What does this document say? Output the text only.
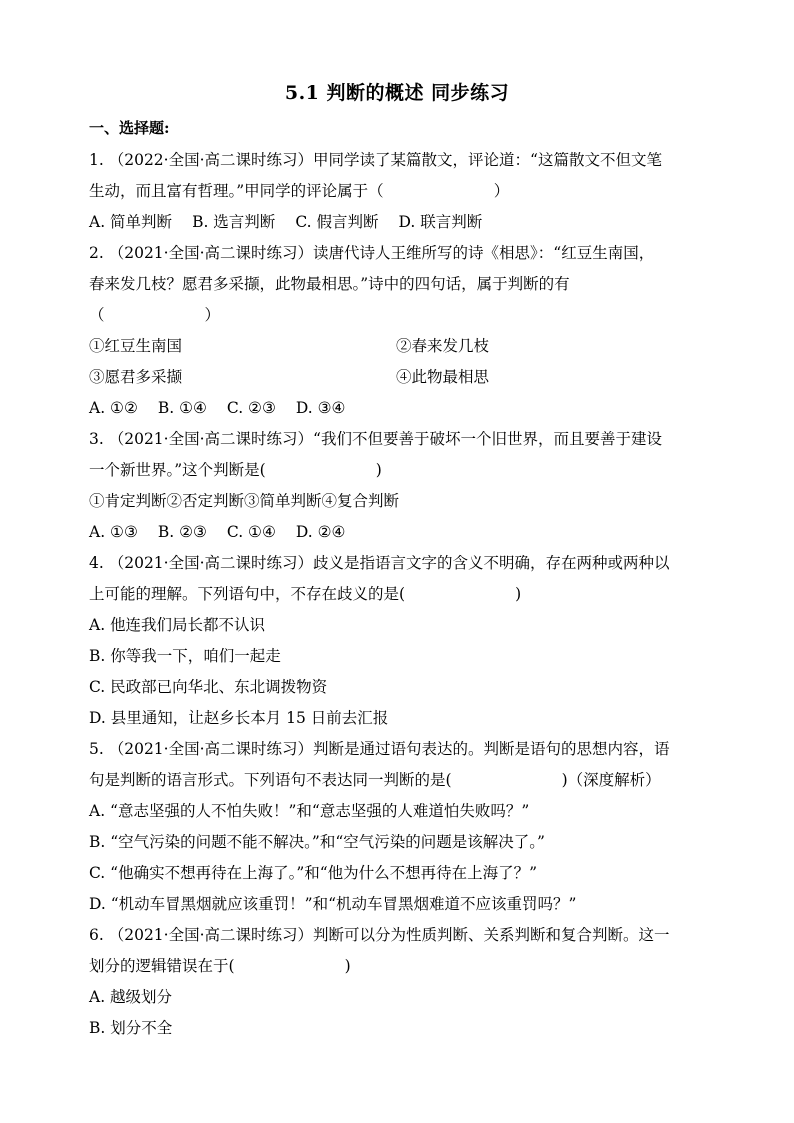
5.1 判断的概述 同步练习
一、选择题:

1. （2022·全国·高二课时练习）甲同学读了某篇散文，评论道：“这篇散文不但文笔

生动，而且富有哲理。”甲同学的评论属于（	）

A. 简单判断 B. 选言判断 C. 假言判断 D. 联言判断

2. （2021·全国·高二课时练习）读唐代诗人王维所写的诗《相思》：“红豆生南国，

春来发几枝？愿君多采撷，此物最相思。”诗中的四句话，属于判断的有

（	）

①红豆生南国	②春来发几枝

③愿君多采撷	④此物最相思

A. ①② B. ①④ C. ②③ D. ③④

3. （2021·全国·高二课时练习）“我们不但要善于破坏一个旧世界，而且要善于建设

一个新世界。”这个判断是(	)

①肯定判断②否定判断③简单判断④复合判断

A. ①③ B. ②③ C. ①④ D. ②④

4. （2021·全国·高二课时练习）歧义是指语言文字的含义不明确，存在两种或两种以

上可能的理解。下列语句中，不存在歧义的是(	)

A. 他连我们局长都不认识

B. 你等我一下，咱们一起走

C. 民政部已向华北、东北调拨物资

D. 县里通知，让赵乡长本月 15 日前去汇报

5. （2021·全国·高二课时练习）判断是通过语句表达的。判断是语句的思想内容，语

句是判断的语言形式。下列语句不表达同一判断的是(	)（深度解析）

A. “意志坚强的人不怕失败！”和“意志坚强的人难道怕失败吗？”

B. “空气污染的问题不能不解决。”和“空气污染的问题是该解决了。”

C. “他确实不想再待在上海了。”和“他为什么不想再待在上海了？”

D. “机动车冒黑烟就应该重罚！”和“机动车冒黑烟难道不应该重罚吗？”

6. （2021·全国·高二课时练习）判断可以分为性质判断、关系判断和复合判断。这一

划分的逻辑错误在于(	)

A. 越级划分

B. 划分不全
